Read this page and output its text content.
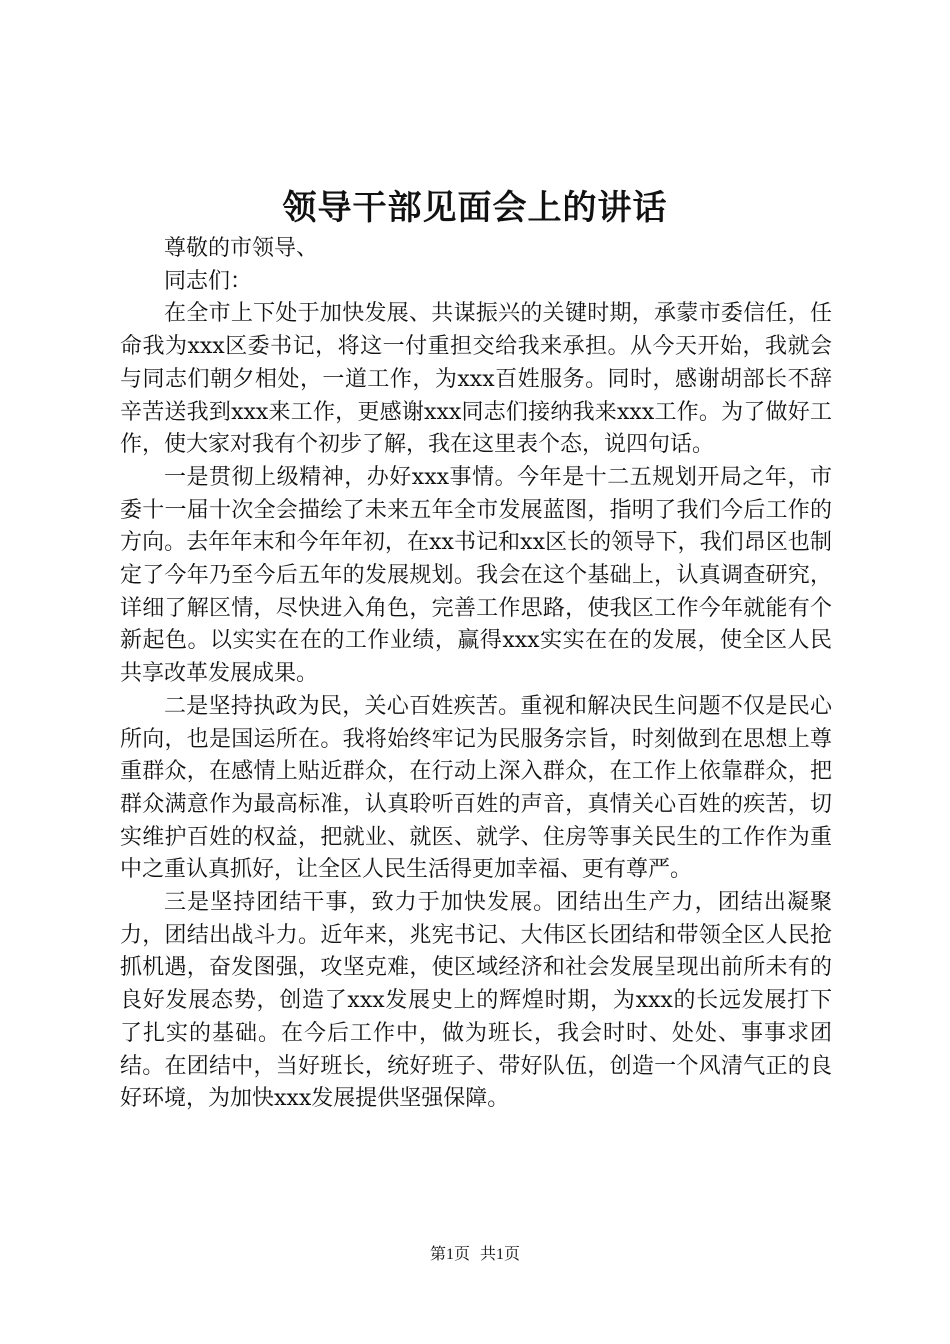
领导干部见面会上的讲话

尊敬的市领导、

同志们：

在全市上下处于加快发展、共谋振兴的关键时期，承蒙市委信任，任命我为xxx区委书记，将这一付重担交给我来承担。从今天开始，我就会与同志们朝夕相处，一道工作，为xxx百姓服务。同时，感谢胡部长不辞辛苦送我到xxx来工作，更感谢xxx同志们接纳我来xxx工作。为了做好工作，使大家对我有个初步了解，我在这里表个态，说四句话。

一是贯彻上级精神，办好xxx事情。今年是十二五规划开局之年，市委十一届十次全会描绘了未来五年全市发展蓝图，指明了我们今后工作的方向。去年年末和今年年初，在xx书记和xx区长的领导下，我们昂区也制定了今年乃至今后五年的发展规划。我会在这个基础上，认真调查研究，详细了解区情，尽快进入角色，完善工作思路，使我区工作今年就能有个新起色。以实实在在的工作业绩，赢得xxx实实在在的发展，使全区人民共享改革发展成果。

二是坚持执政为民，关心百姓疾苦。重视和解决民生问题不仅是民心所向，也是国运所在。我将始终牢记为民服务宗旨，时刻做到在思想上尊重群众，在感情上贴近群众，在行动上深入群众，在工作上依靠群众，把群众满意作为最高标准，认真聆听百姓的声音，真情关心百姓的疾苦，切实维护百姓的权益，把就业、就医、就学、住房等事关民生的工作作为重中之重认真抓好，让全区人民生活得更加幸福、更有尊严。

三是坚持团结干事，致力于加快发展。团结出生产力，团结出凝聚力，团结出战斗力。近年来，兆宪书记、大伟区长团结和带领全区人民抢抓机遇，奋发图强，攻坚克难，使区域经济和社会发展呈现出前所未有的良好发展态势，创造了xxx发展史上的辉煌时期，为xxx的长远发展打下了扎实的基础。在今后工作中，做为班长，我会时时、处处、事事求团结。在团结中，当好班长，统好班子、带好队伍，创造一个风清气正的良好环境，为加快xxx发展提供坚强保障。

第1页 共1页
